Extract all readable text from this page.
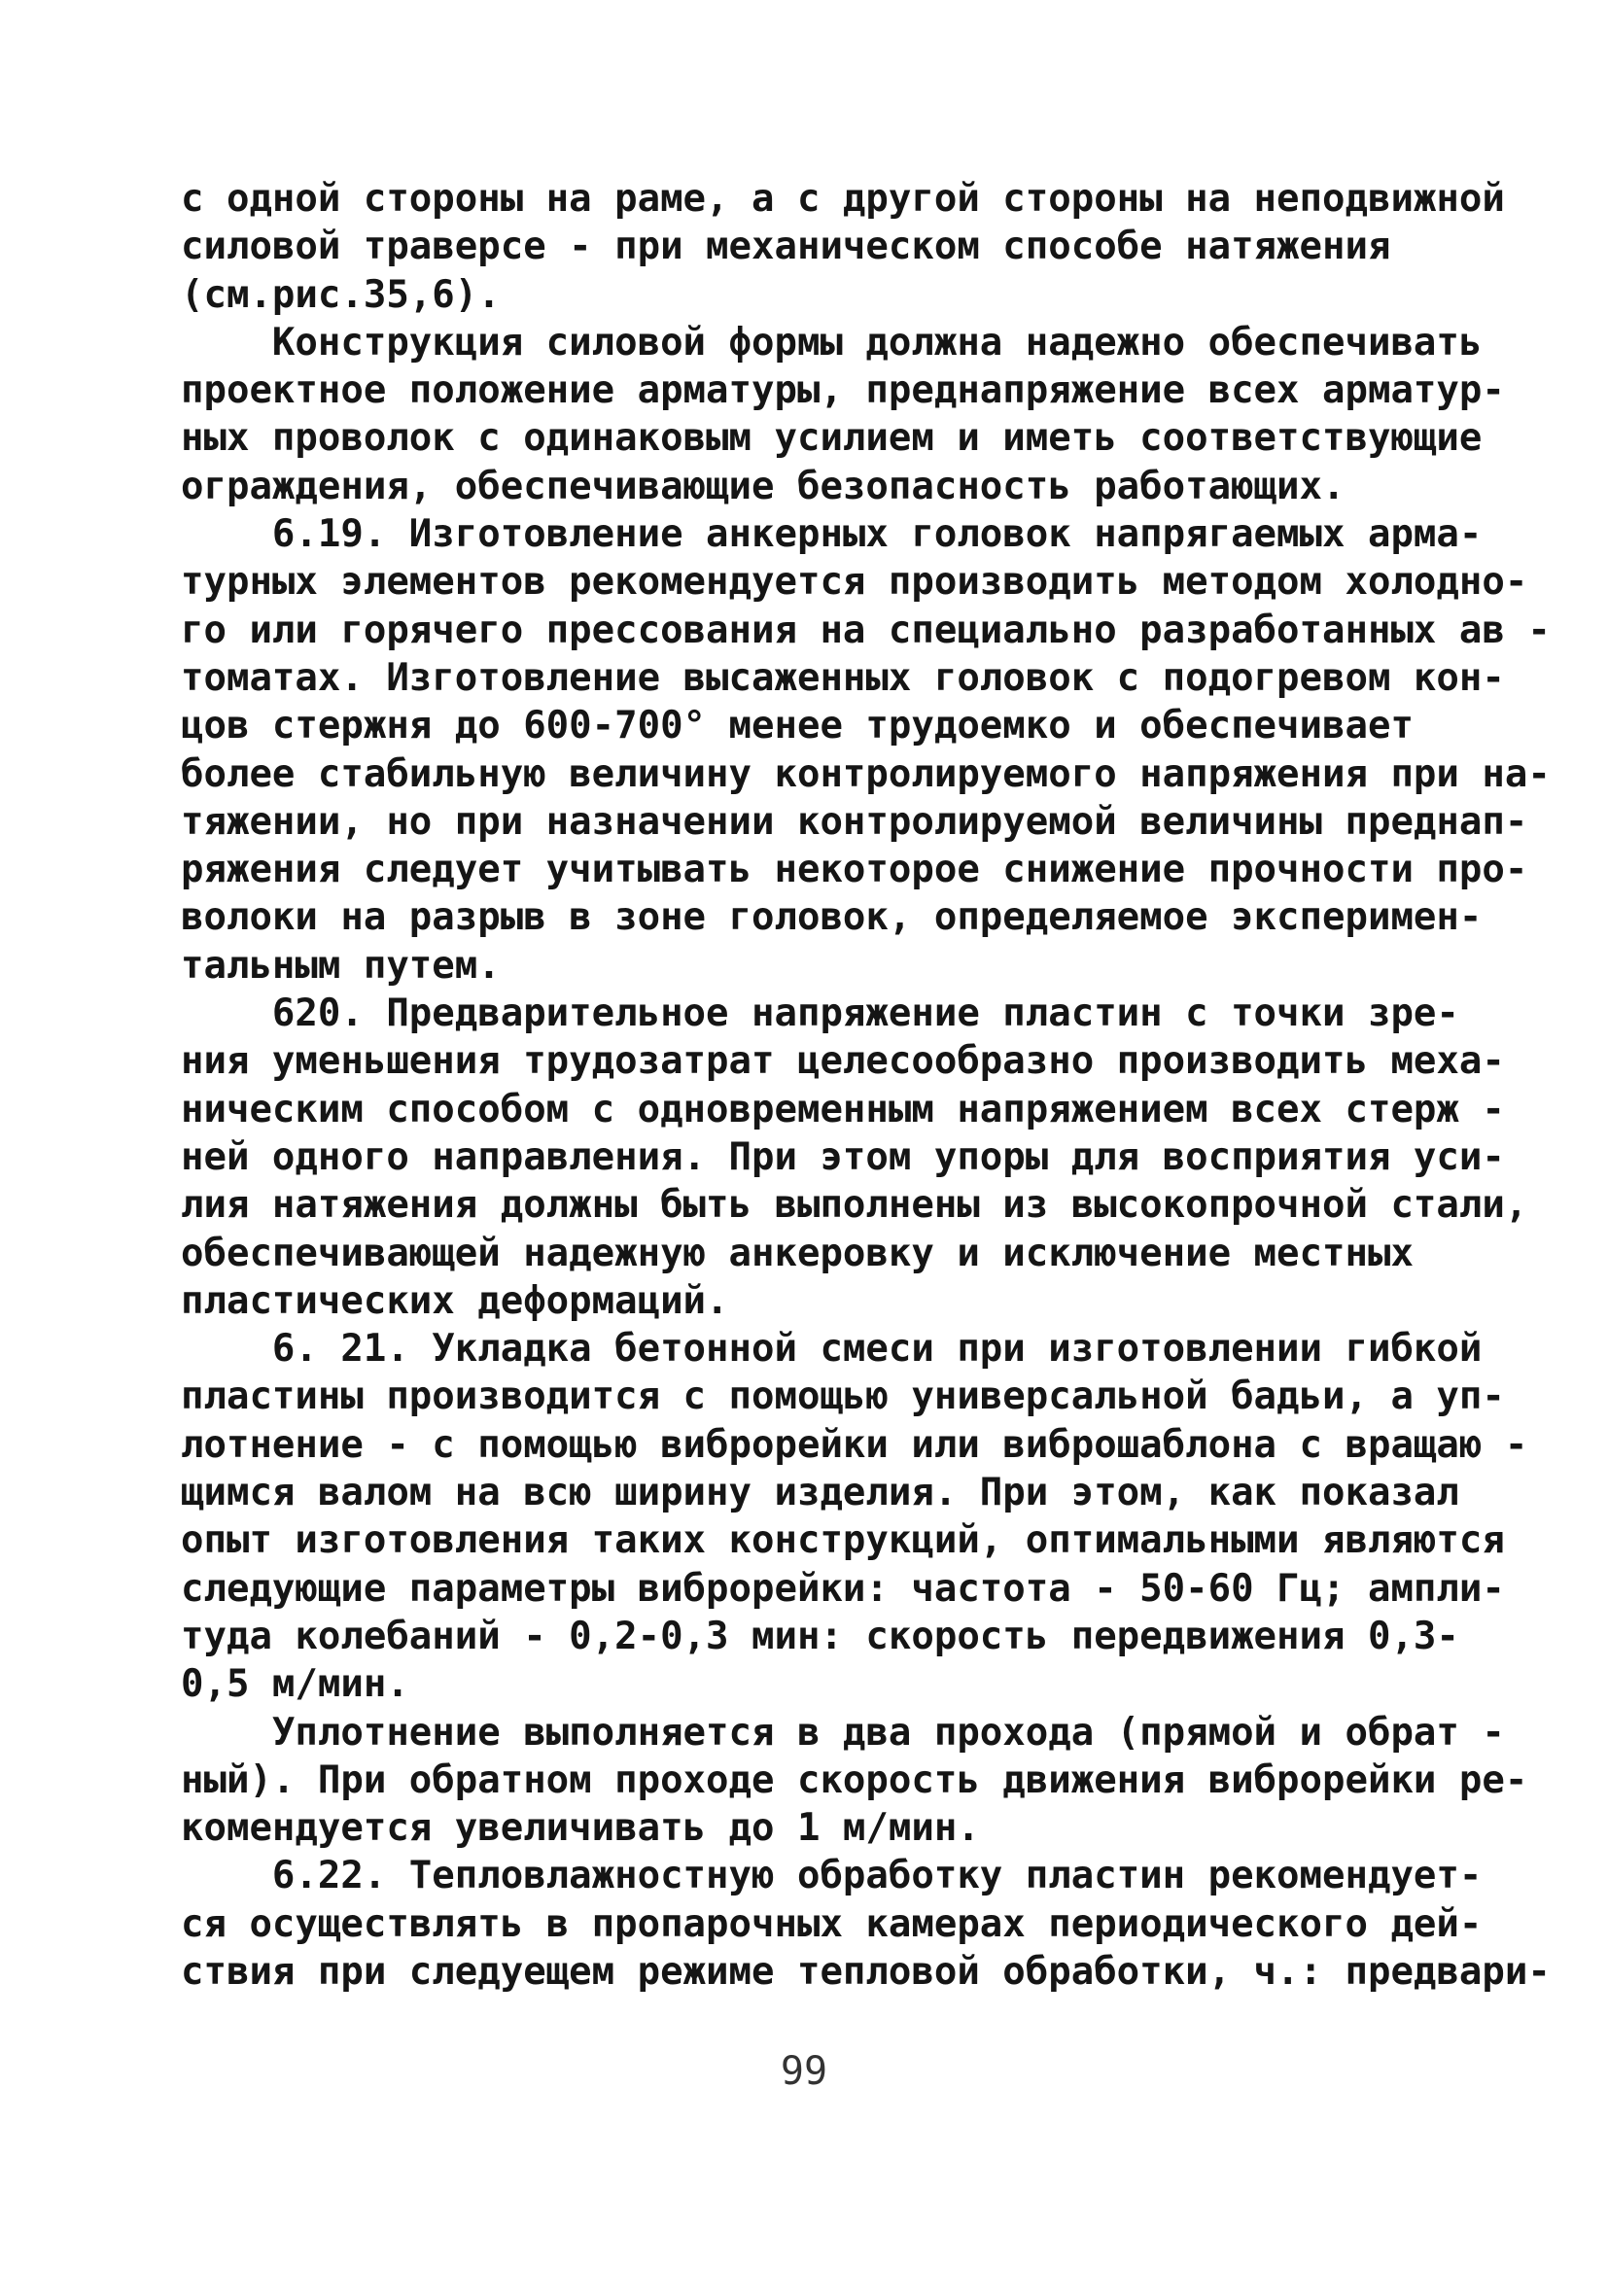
с одной стороны на раме, а с другой стороны на неподвижной
силовой траверсе - при механическом способе натяжения
(см.рис.35,6).
Конструкция силовой формы должна надежно обеспечивать
проектное положение арматуры, преднапряжение всех арматур-
ных проволок с одинаковым усилием и иметь соответствующие
ограждения, обеспечивающие безопасность работающих.
6.19. Изготовление анкерных головок напрягаемых арма-
турных элементов рекомендуется производить методом холодно-
го или горячего прессования на специально разработанных ав -
томатах. Изготовление высаженных головок с подогревом кон-
цов стержня до 600-700° менее трудоемко и обеспечивает
более стабильную величину контролируемого напряжения при на-
тяжении, но при назначении контролируемой величины преднап-
ряжения следует учитывать некоторое снижение прочности про-
волоки на разрыв в зоне головок, определяемое эксперимен-
тальным путем.
620. Предварительное напряжение пластин с точки зре-
ния уменьшения трудозатрат целесообразно производить меха-
ническим способом с одновременным напряжением всех стерж -
ней одного направления. При этом упоры для восприятия уси-
лия натяжения должны быть выполнены из высокопрочной стали,
обеспечивающей надежную анкеровку и исключение местных
пластических деформаций.
6. 21. Укладка бетонной смеси при изготовлении гибкой
пластины производится с помощью универсальной бадьи, а уп-
лотнение - с помощью виброрейки или виброшаблона с вращаю -
щимся валом на всю ширину изделия. При этом, как показал
опыт изготовления таких конструкций, оптимальными являются
следующие параметры виброрейки: частота - 50-60 Гц; ампли-
туда колебаний - 0,2-0,3 мин: скорость передвижения 0,3-
0,5 м/мин.
Уплотнение выполняется в два прохода (прямой и обрат -
ный). При обратном проходе скорость движения виброрейки ре-
комендуется увеличивать до 1 м/мин.
6.22. Тепловлажностную обработку пластин рекомендует-
ся осуществлять в пропарочных камерах периодического дей-
ствия при следуещем режиме тепловой обработки, ч.: предвари-
99
